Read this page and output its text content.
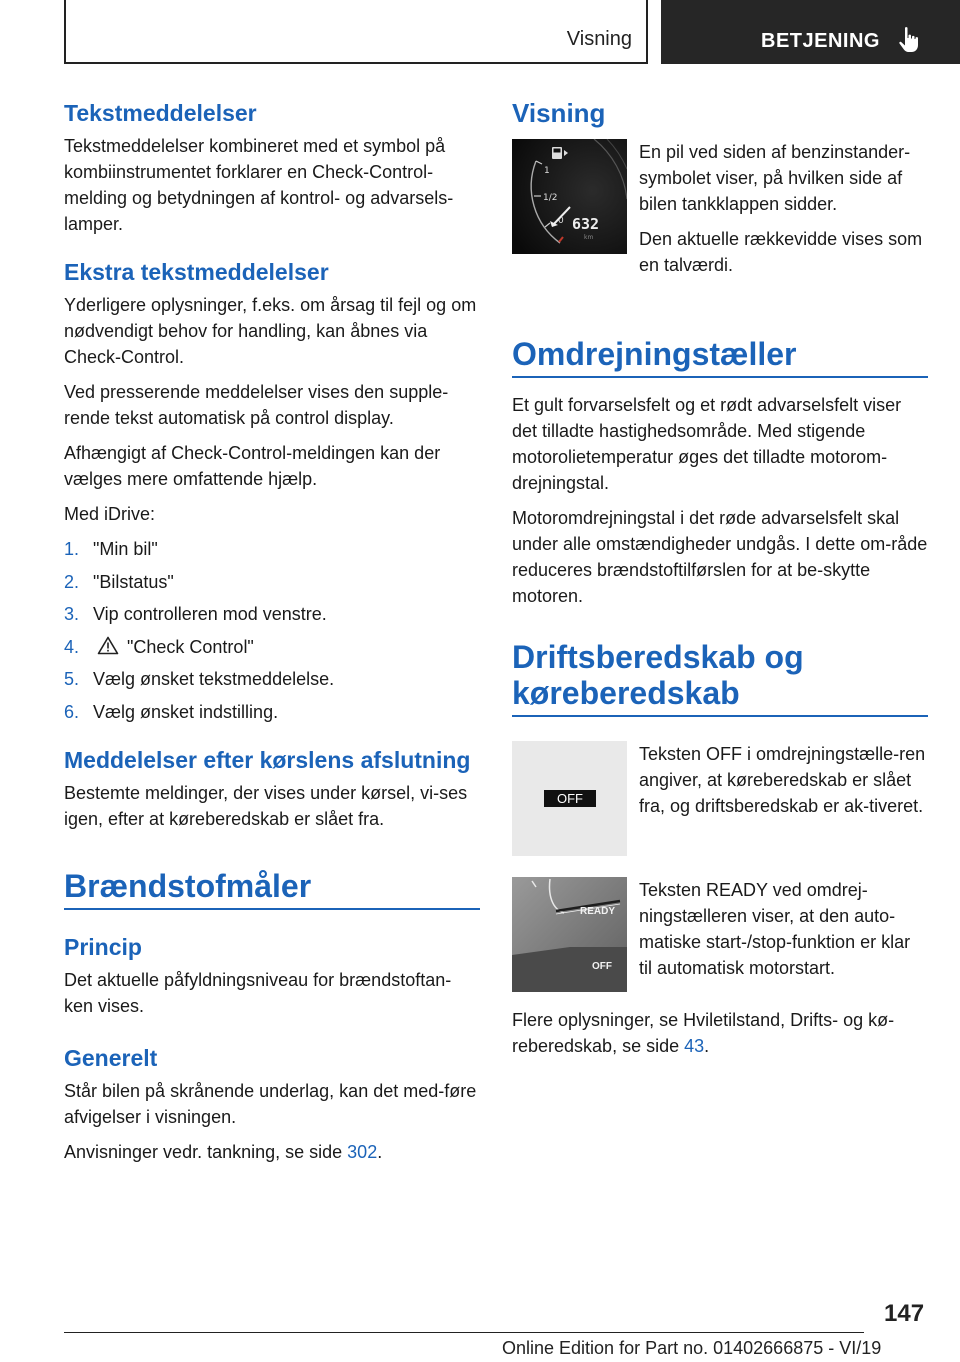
Visning	BETJENING
Tekstmeddelelser

Tekstmeddelelser kombineret med et symbol på kombiinstrumentet forklarer en Check-Control-melding og betydningen af kontrol- og advarsels-lamper.

Ekstra tekstmeddelelser

Yderligere oplysninger, f.eks. om årsag til fejl og om nødvendigt behov for handling, kan åbnes via Check-Control.

Ved presserende meddelelser vises den supple-rende tekst automatisk på control display.

Afhængigt af Check-Control-meldingen kan der vælges mere omfattende hjælp.

Med iDrive:

1. "Min bil"
2. "Bilstatus"
3. Vip controlleren mod venstre.
4.	"Check Control"
5. Vælg ønsket tekstmeddelelse.
6. Vælg ønsket indstilling.
Meddelelser efter kørslens afslutning

Bestemte meldinger, der vises under kørsel, vi-ses igen, efter at køreberedskab er slået fra.

Brændstofmåler
Princip

Det aktuelle påfyldningsniveau for brændstoftan-ken vises.

Generelt

Står bilen på skrånende underlag, kan det med-føre afvigelser i visningen.

Anvisninger vedr. tankning, se side 302.

Visning
1
1/2
0 632
km

En pil ved siden af benzinstander-symbolet viser, på hvilken side af bilen tankklappen sidder.

Den aktuelle rækkevidde vises som en talværdi.

Omdrejningstæller

Et gult forvarselsfelt og et rødt advarselsfelt viser det tilladte hastighedsområde. Med stigende motorolietemperatur øges det tilladte motorom-drejningstal.

Motoromdrejningstal i det røde advarselsfelt skal under alle omstændigheder undgås. I dette om-råde reduceres brændstoftilførslen for at be-skytte motoren.

Driftsberedskab og køreberedskab
OFF

Teksten OFF i omdrejningstælle-ren angiver, at køreberedskab er slået fra, og driftsberedskab er ak-tiveret.

READY
OFF

Teksten READY ved omdrej-ningstælleren viser, at den auto-matiske start-/stop-funktion er klar til automatisk motorstart.

Flere oplysninger, se Hviletilstand, Drifts- og kø-reberedskab, se side 43.

147
Online Edition for Part no. 01402666875 - VI/19
